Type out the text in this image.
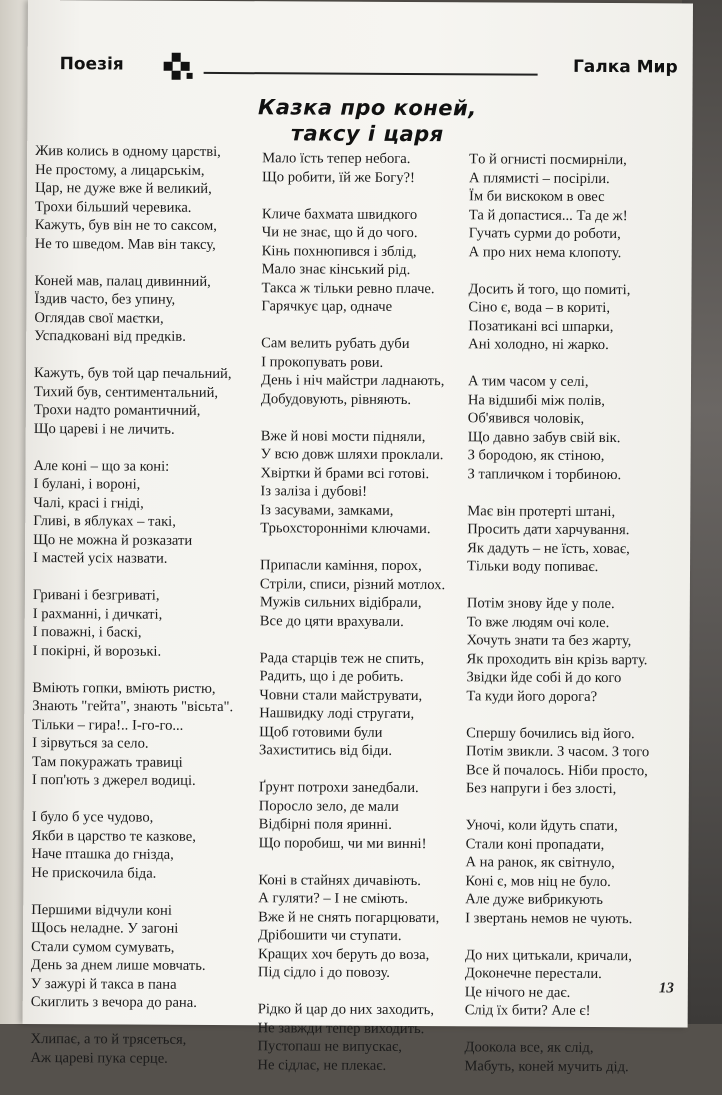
Поезія	Галка Мир
Казка про коней,
таксу і царя
Жив колись в одному царстві,
Не простому, а лицарськім,
Цар, не дуже вже й великий,
Трохи більший черевика.
Кажуть, був він не то саксом,
Не то шведом. Мав він таксу,
Коней мав, палац дивинний,
Їздив часто, без упину,
Оглядав свої маєтки,
Успадковані від предків.
Кажуть, був той цар печальний,
Тихий був, сентиментальний,
Трохи надто романтичний,
Що цареві і не личить.
Але коні – що за коні:
І булані, і вороні,
Чалі, красі і гнідi,
Гливі, в яблуках – такі,
Що не можна й розказати
І мастей усіх назвати.
Гривані і безгриваті,
І рахманні, і дичкаті,
І поважні, і баскі,
І покірні, й ворозькі.
Вміють гопки, вміють ристю,
Знають "гейта", знають "вісьта".
Тільки – гира!.. І-го-го...
І зірвуться за село.
Там покуражать травиці
І поп'ють з джерел водиці.
І було б усе чудово,
Якби в царство те казкове,
Наче пташка до гнізда,
Не прискочила біда.
Першими відчули коні
Щось неладне. У загоні
Стали сумом сумувать,
День за днем лише мовчать.
У зажурі й такса в пана
Скиглить з вечора до рана.
Хлипає, а то й трясеться,
Аж цареві пука серце.
Мало їсть тепер небога.
Що робити, їй же Богу?!
Кличе бахмата швидкого
Чи не знає, що й до чого.
Кінь похнюпився і зблід,
Мало знає кінський рід.
Такса ж тільки ревно плаче.
Гарячкує цар, одначе
Сам велить рубать дуби
І прокопувать рови.
День і ніч майстри ладнають,
Добудовують, рівняють.
Вже й нові мости підняли,
У всю довж шляхи проклали.
Хвіртки й брами всі готові.
Із заліза і дубові!
Із засувами, замками,
Трьохсторонніми ключами.
Припасли каміння, порох,
Стріли, списи, різний мотлох.
Мужів сильних відібрали,
Все до цяти врахували.
Рада старців теж не спить,
Радить, що і де робить.
Човни стали майструвати,
Нашвидку лоді стругати,
Щоб готовими були
Захиститись від біди.
Ґрунт потрохи занедбали.
Поросло зело, де мали
Відбірні поля яринні.
Що поробиш, чи ми винні!
Коні в стайнях дичавіють.
А гуляти? – І не сміють.
Вже й не снять погарцювати,
Дрібошити чи ступати.
Кращих хоч беруть до воза,
Під сідло і до повозу.
Рідко й цар до них заходить,
Не завжди тепер виходить.
Пустопаш не випускає,
Не сідлає, не плекає.
Тo й огнисті посмирніли,
А плямисті – посіріли.
Їм би вискоком в овес
Та й допастися... Та де ж!
Гучать сурми до роботи,
А про них нема клопоту.
Досить й того, що помиті,
Сіно є, вода – в кориті,
Позатикані всі шпарки,
Ані холодно, ні жарко.
А тим часом у селі,
На відшибі між полів,
Об'явився чоловік,
Що давно забув свій вік.
З бородою, як стіною,
З тапличком і торбиною.
Має він протерті штані,
Просить дати харчування.
Як дадуть – не їсть, ховає,
Тільки воду попиває.
Потім знову йде у поле.
То вже людям очі коле.
Хочуть знати та без жарту,
Як проходить він крізь варту.
Звідки йде собі й до кого
Та куди його дорога?
Спершу бочились від його.
Потім звикли. З часом. З того
Все й почалось. Ніби просто,
Без напруги і без злості,
Уночі, коли йдуть спати,
Стали коні пропадати,
А на ранок, як світнуло,
Коні є, мов ніц не було.
Але дуже вибрикують
І звертань немов не чують.
До них цитькали, кричали,
Доконечне перестали.
Це нічого не дає.
Слід їх бити? Але є!
Доокола все, як слід,
Мабуть, коней мучить дід.
13
